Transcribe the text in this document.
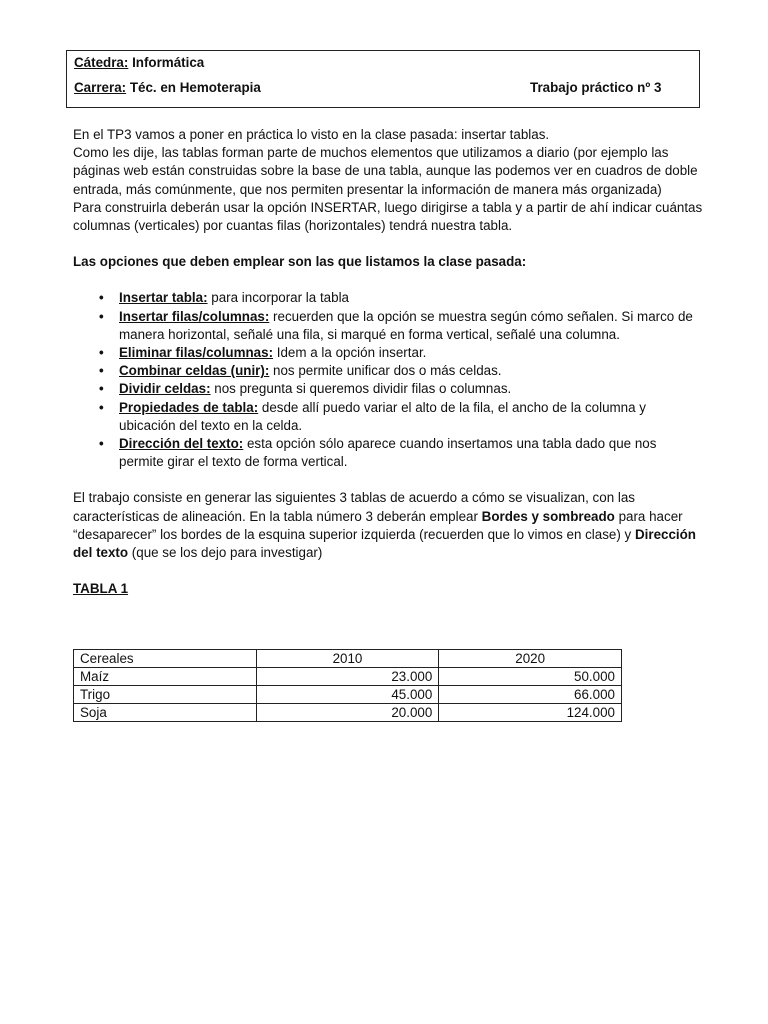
Cátedra: Informática
Carrera: Téc. en Hemoterapia	Trabajo práctico nº 3

En el TP3 vamos a poner en práctica lo visto en la clase pasada: insertar tablas.

Como les dije, las tablas forman parte de muchos elementos que utilizamos a diario (por ejemplo las páginas web están construidas sobre la base de una tabla, aunque las podemos ver en cuadros de doble entrada, más comúnmente, que nos permiten presentar la información de manera más organizada)

Para construirla deberán usar la opción INSERTAR, luego dirigirse a tabla y a partir de ahí indicar cuántas columnas (verticales) por cuantas filas (horizontales) tendrá nuestra tabla.

Las opciones que deben emplear son las que listamos la clase pasada:

• Insertar tabla: para incorporar la tabla
• Insertar filas/columnas: recuerden que la opción se muestra según cómo señalen. Si marco de manera horizontal, señalé una fila, si marqué en forma vertical, señalé una columna.
• Eliminar filas/columnas: Idem a la opción insertar.
• Combinar celdas (unir): nos permite unificar dos o más celdas.
• Dividir celdas: nos pregunta si queremos dividir filas o columnas.
• Propiedades de tabla: desde allí puedo variar el alto de la fila, el ancho de la columna y ubicación del texto en la celda.
• Dirección del texto: esta opción sólo aparece cuando insertamos una tabla dado que nos permite girar el texto de forma vertical.

El trabajo consiste en generar las siguientes 3 tablas de acuerdo a cómo se visualizan, con las características de alineación. En la tabla número 3 deberán emplear Bordes y sombreado para hacer “desaparecer” los bordes de la esquina superior izquierda (recuerden que lo vimos en clase) y Dirección del texto (que se los dejo para investigar)

TABLA 1

Cereales	2010	2020
Maíz	23.000	50.000
Trigo	45.000	66.000
Soja	20.000	124.000
